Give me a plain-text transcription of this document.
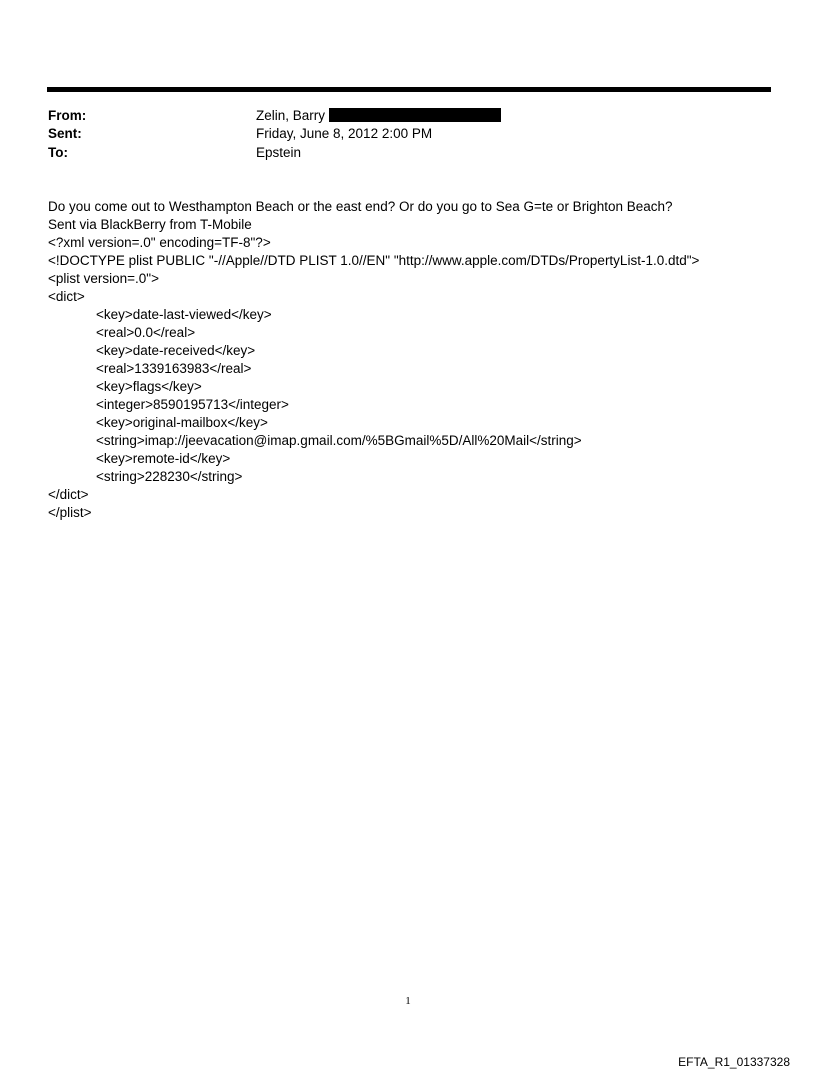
From:	Zelin, Barry
Sent:	Friday, June 8, 2012 2:00 PM
To:	Epstein
Do you come out to Westhampton Beach or the east end? Or do you go to Sea G=te or Brighton Beach?
Sent via BlackBerry from T-Mobile
<?xml version=.0" encoding=TF-8"?>
<!DOCTYPE plist PUBLIC "-//Apple//DTD PLIST 1.0//EN" "http://www.apple.com/DTDs/PropertyList-1.0.dtd">
<plist version=.0">
<dict>
<key>date-last-viewed</key>
<real>0.0</real>
<key>date-received</key>
<real>1339163983</real>
<key>flags</key>
<integer>8590195713</integer>
<key>original-mailbox</key>
<string>imap://jeevacation@imap.gmail.com/%5BGmail%5D/All%20Mail</string>
<key>remote-id</key>
<string>228230</string>
</dict>
</plist>
1
EFTA_R1_01337328
